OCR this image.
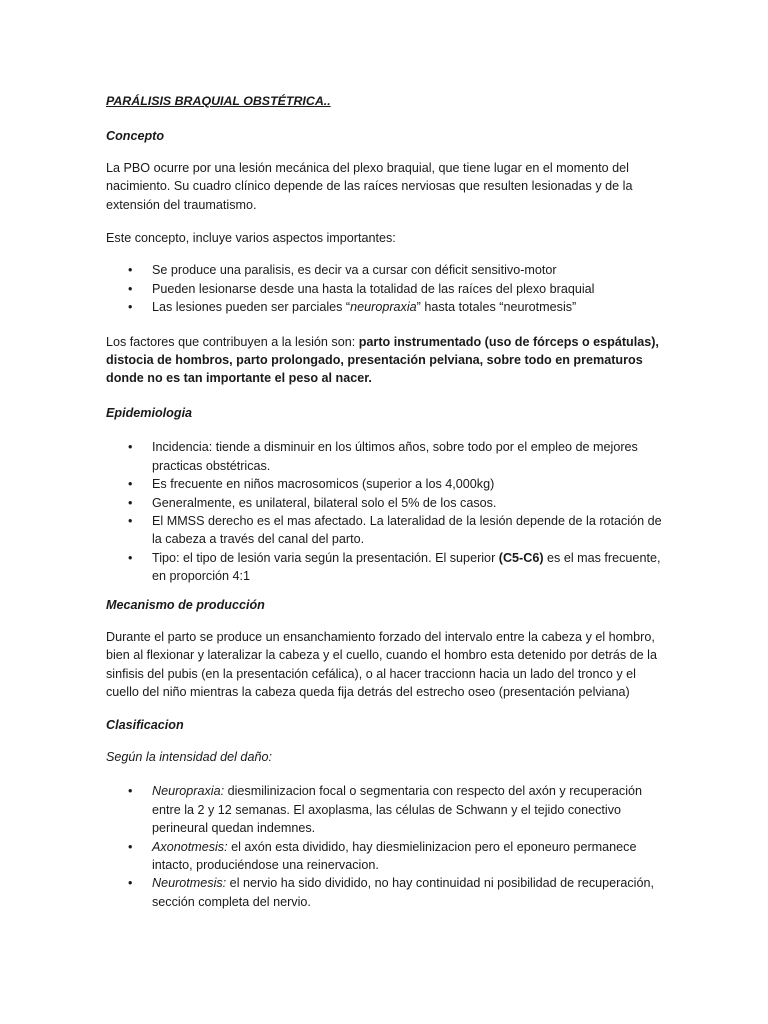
PARÁLISIS BRAQUIAL OBSTÉTRICA..

Concepto

La PBO ocurre por una lesión mecánica del plexo braquial, que tiene lugar en el momento del nacimiento. Su cuadro clínico depende de las raíces nerviosas que resulten lesionadas y de la extensión del traumatismo.

Este concepto, incluye varios aspectos importantes:

• Se produce una paralisis, es decir va a cursar con déficit sensitivo-motor
• Pueden lesionarse desde una hasta la totalidad de las raíces del plexo braquial
• Las lesiones pueden ser parciales “neuropraxia” hasta totales “neurotmesis”

Los factores que contribuyen a la lesión son: parto instrumentado (uso de fórceps o espátulas), distocia de hombros, parto prolongado, presentación pelviana, sobre todo en prematuros donde no es tan importante el peso al nacer.

Epidemiologia

• Incidencia: tiende a disminuir en los últimos años, sobre todo por el empleo de mejores practicas obstétricas.
• Es frecuente en niños macrosomicos (superior a los 4,000kg)
• Generalmente, es unilateral, bilateral solo el 5% de los casos.
• El MMSS derecho es el mas afectado. La lateralidad de la lesión depende de la rotación de la cabeza a través del canal del parto.
• Tipo: el tipo de lesión varia según la presentación. El superior (C5-C6) es el mas frecuente, en proporción 4:1

Mecanismo de producción

Durante el parto se produce un ensanchamiento forzado del intervalo entre la cabeza y el hombro, bien al flexionar y lateralizar la cabeza y el cuello, cuando el hombro esta detenido por detrás de la sinfisis del pubis (en la presentación cefálica), o al hacer traccionn hacia un lado del tronco y el cuello del niño mientras la cabeza queda fija detrás del estrecho oseo (presentación pelviana)

Clasificacion

Según la intensidad del daño:

• Neuropraxia: diesmilinizacion focal o segmentaria con respecto del axón y recuperación entre la 2 y 12 semanas. El axoplasma, las células de Schwann y el tejido conectivo perineural quedan indemnes.
• Axonotmesis: el axón esta dividido, hay diesmielinizacion pero el eponeuro permanece intacto, produciéndose una reinervacion.
• Neurotmesis: el nervio ha sido dividido, no hay continuidad ni posibilidad de recuperación, sección completa del nervio.
